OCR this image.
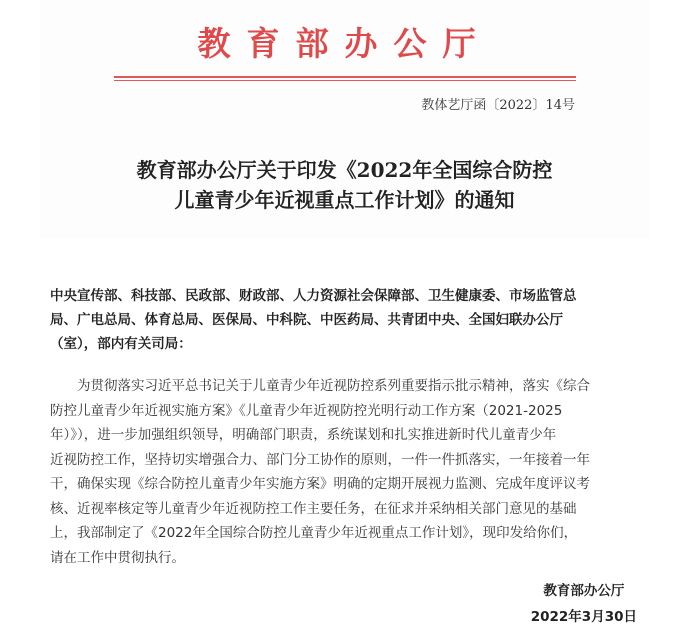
教育部办公厅
教体艺厅函〔2022〕14号
教育部办公厅关于印发《2022年全国综合防控
儿童青少年近视重点工作计划》的通知
中央宣传部、科技部、民政部、财政部、人力资源社会保障部、卫生健康委、市场监管总
局、广电总局、体育总局、医保局、中科院、中医药局、共青团中央、全国妇联办公厅
（室），部内有关司局：
　　为贯彻落实习近平总书记关于儿童青少年近视防控系列重要指示批示精神，落实《综合
防控儿童青少年近视实施方案》《儿童青少年近视防控光明行动工作方案（2021-2025
年）》），进一步加强组织领导，明确部门职责，系统谋划和扎实推进新时代儿童青少年
近视防控工作，坚持切实增强合力、部门分工协作的原则，一件一件抓落实，一年接着一年
干，确保实现《综合防控儿童青少年实施方案》明确的定期开展视力监测、完成年度评议考
核、近视率核定等儿童青少年近视防控工作主要任务，在征求并采纳相关部门意见的基础
上，我部制定了《2022年全国综合防控儿童青少年近视重点工作计划》，现印发给你们，
请在工作中贯彻执行。
教育部办公厅
2022年3月30日
